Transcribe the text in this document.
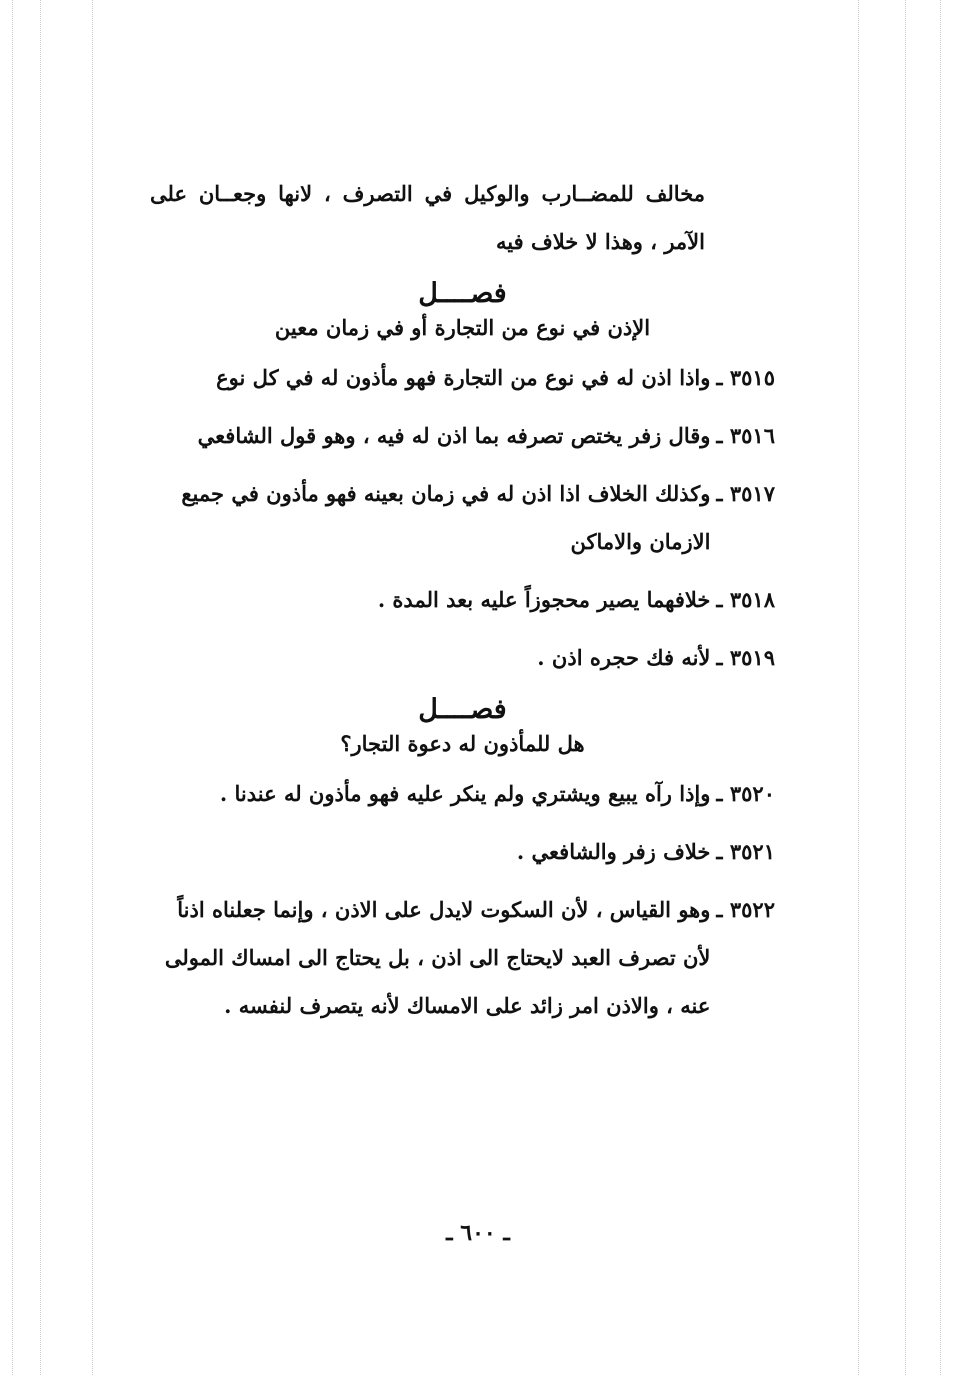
مخالف للمضــارب والوكيل في التصرف ، لانها وجعــان على الآمر ، وهذا لا خلاف فيه

فصــــل
الإذن في نوع من التجارة أو في زمان معين
٣٥١٥ ـ
واذا اذن له في نوع من التجارة فهو مأذون له في كل نوع
٣٥١٦ ـ
وقال زفر يختص تصرفه بما اذن له فيه ، وهو قول الشافعي
٣٥١٧ ـ
وكذلك الخلاف اذا اذن له في زمان بعينه فهو مأذون في جميع الازمان والاماكن
٣٥١٨ ـ
خلافهما يصير محجوزاً عليه بعد المدة .
٣٥١٩ ـ
لأنه فك حجره اذن .
فصــــل
هل للمأذون له دعوة التجار؟
٣٥٢٠ ـ
وإذا رآه يبيع ويشتري ولم ينكر عليه فهو مأذون له عندنا .
٣٥٢١ ـ
خلاف زفر والشافعي .
٣٥٢٢ ـ
وهو القياس ، لأن السكوت لايدل على الاذن ، وإنما جعلناه اذناً لأن تصرف العبد لايحتاج الى اذن ، بل يحتاج الى امساك المولى عنه ، والاذن امر زائد على الامساك لأنه يتصرف لنفسه .
ـ ٦٠٠ ـ
